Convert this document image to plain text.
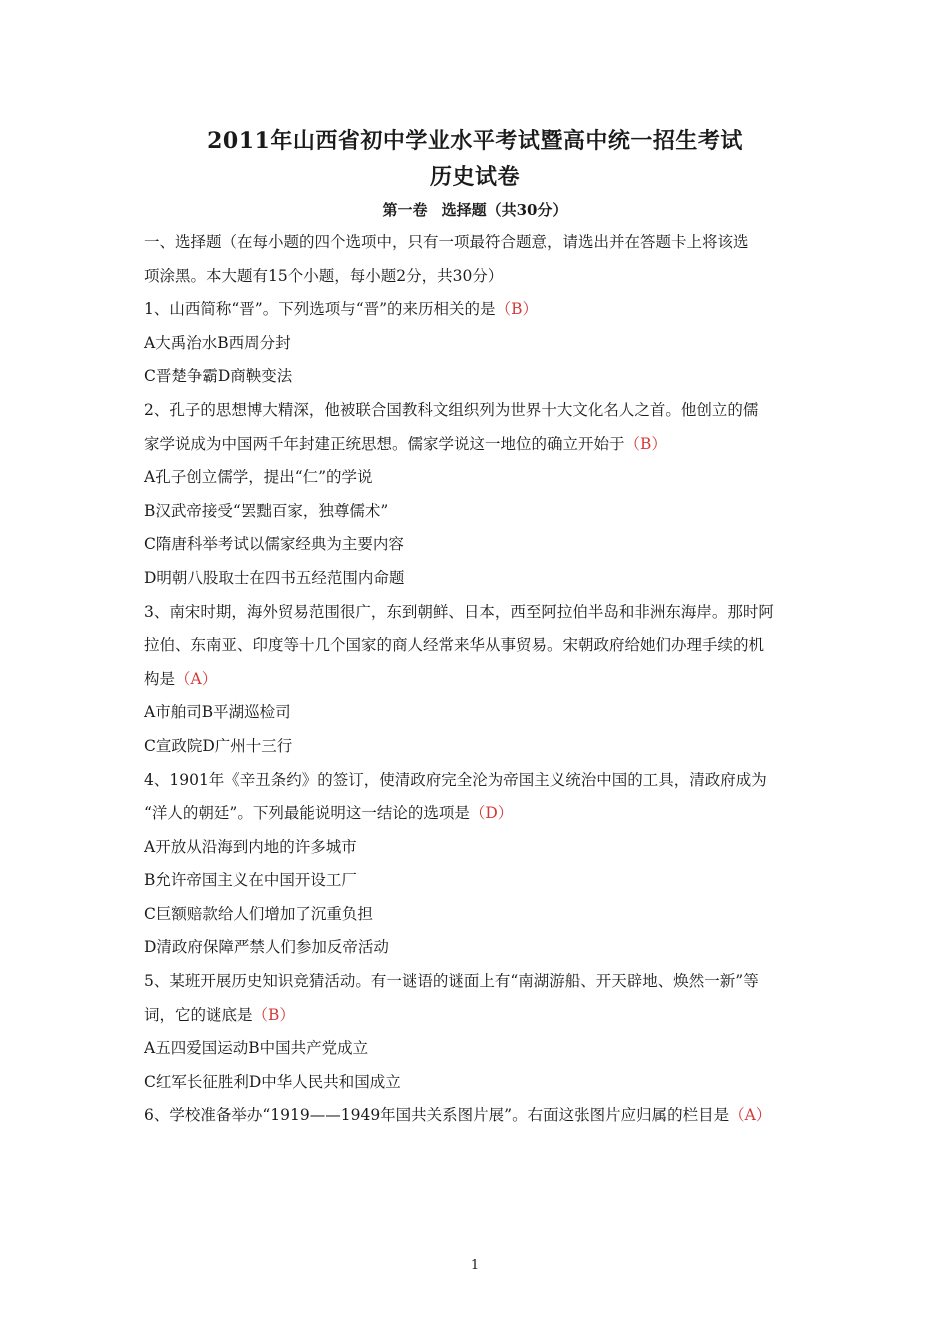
2011年山西省初中学业水平考试暨高中统一招生考试
历史试卷
第一卷 选择题（共30分）
一、选择题（在每小题的四个选项中，只有一项最符合题意，请选出并在答题卡上将该选
项涂黑。本大题有15个小题，每小题2分，共30分）
1、山西简称“晋”。下列选项与“晋”的来历相关的是（B）
A大禹治水B西周分封
C晋楚争霸D商鞅变法
2、孔子的思想博大精深，他被联合国教科文组织列为世界十大文化名人之首。他创立的儒
家学说成为中国两千年封建正统思想。儒家学说这一地位的确立开始于（B）
A孔子创立儒学，提出“仁”的学说
B汉武帝接受“罢黜百家，独尊儒术”
C隋唐科举考试以儒家经典为主要内容
D明朝八股取士在四书五经范围内命题
3、南宋时期，海外贸易范围很广，东到朝鲜、日本，西至阿拉伯半岛和非洲东海岸。那时阿
拉伯、东南亚、印度等十几个国家的商人经常来华从事贸易。宋朝政府给她们办理手续的机
构是（A）
A市舶司B平湖巡检司
C宣政院D广州十三行
4、1901年《辛丑条约》的签订，使清政府完全沦为帝国主义统治中国的工具，清政府成为
“洋人的朝廷”。下列最能说明这一结论的选项是（D）
A开放从沿海到内地的许多城市
B允许帝国主义在中国开设工厂
C巨额赔款给人们增加了沉重负担
D清政府保障严禁人们参加反帝活动
5、某班开展历史知识竞猜活动。有一谜语的谜面上有“南湖游船、开天辟地、焕然一新”等
词，它的谜底是（B）
A五四爱国运动B中国共产党成立
C红军长征胜利D中华人民共和国成立
6、学校准备举办“1919——1949年国共关系图片展”。右面这张图片应归属的栏目是（A）
1
